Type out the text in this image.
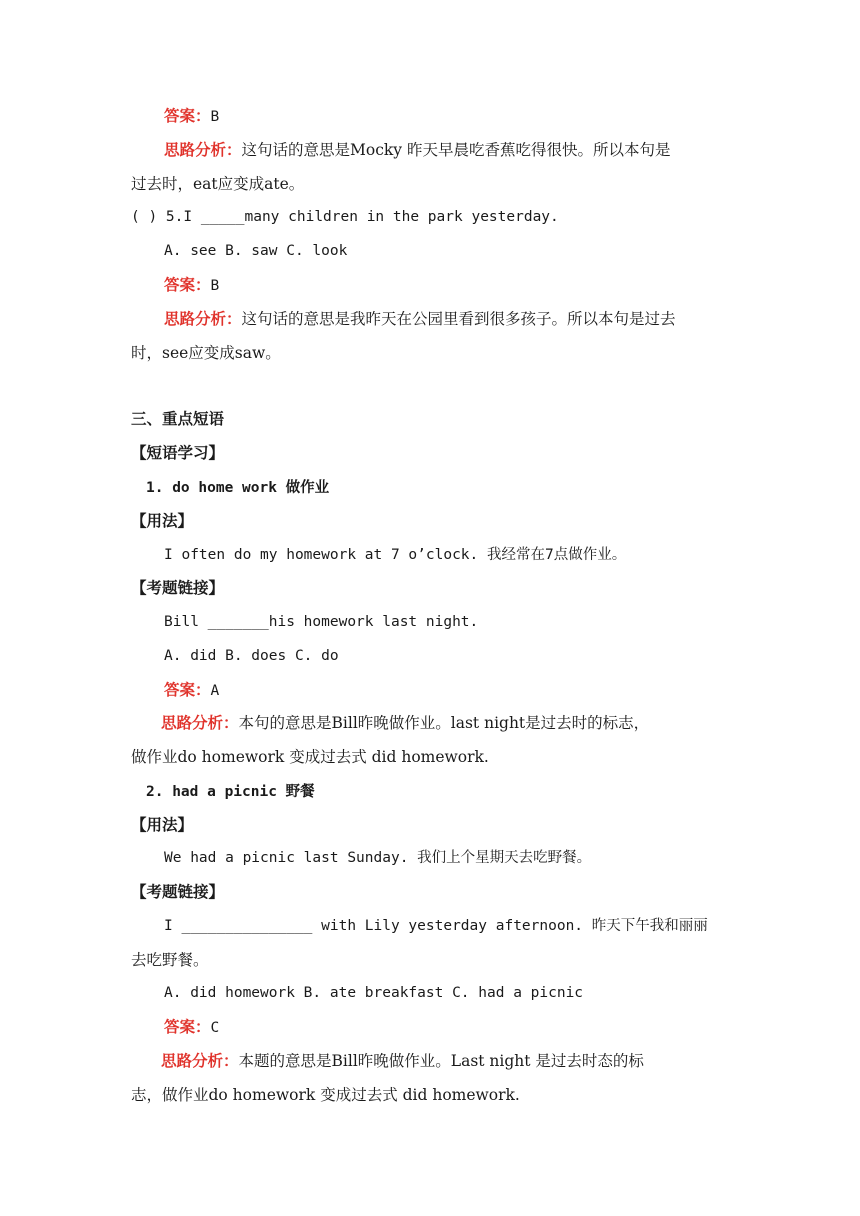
答案：B
思路分析：这句话的意思是Mocky 昨天早晨吃香蕉吃得很快。所以本句是
过去时，eat应变成ate。
( ) 5.I _____many children in the park yesterday.
A. see B. saw C. look
答案：B
思路分析：这句话的意思是我昨天在公园里看到很多孩子。所以本句是过去
时，see应变成saw。
三、重点短语
【短语学习】
1. do home work 做作业
【用法】
I often do my homework at 7 o’clock. 我经常在7点做作业。
【考题链接】
Bill _______his homework last night.
A. did B. does C. do
答案：A
思路分析：本句的意思是Bill昨晚做作业。last night是过去时的标志，
做作业do homework 变成过去式 did homework.
2. had a picnic 野餐
【用法】
We had a picnic last Sunday. 我们上个星期天去吃野餐。
【考题链接】
I _______________ with Lily yesterday afternoon. 昨天下午我和丽丽
去吃野餐。
A. did homework B. ate breakfast C. had a picnic
答案：C
思路分析：本题的意思是Bill昨晚做作业。Last night 是过去时态的标
志，做作业do homework 变成过去式 did homework.
